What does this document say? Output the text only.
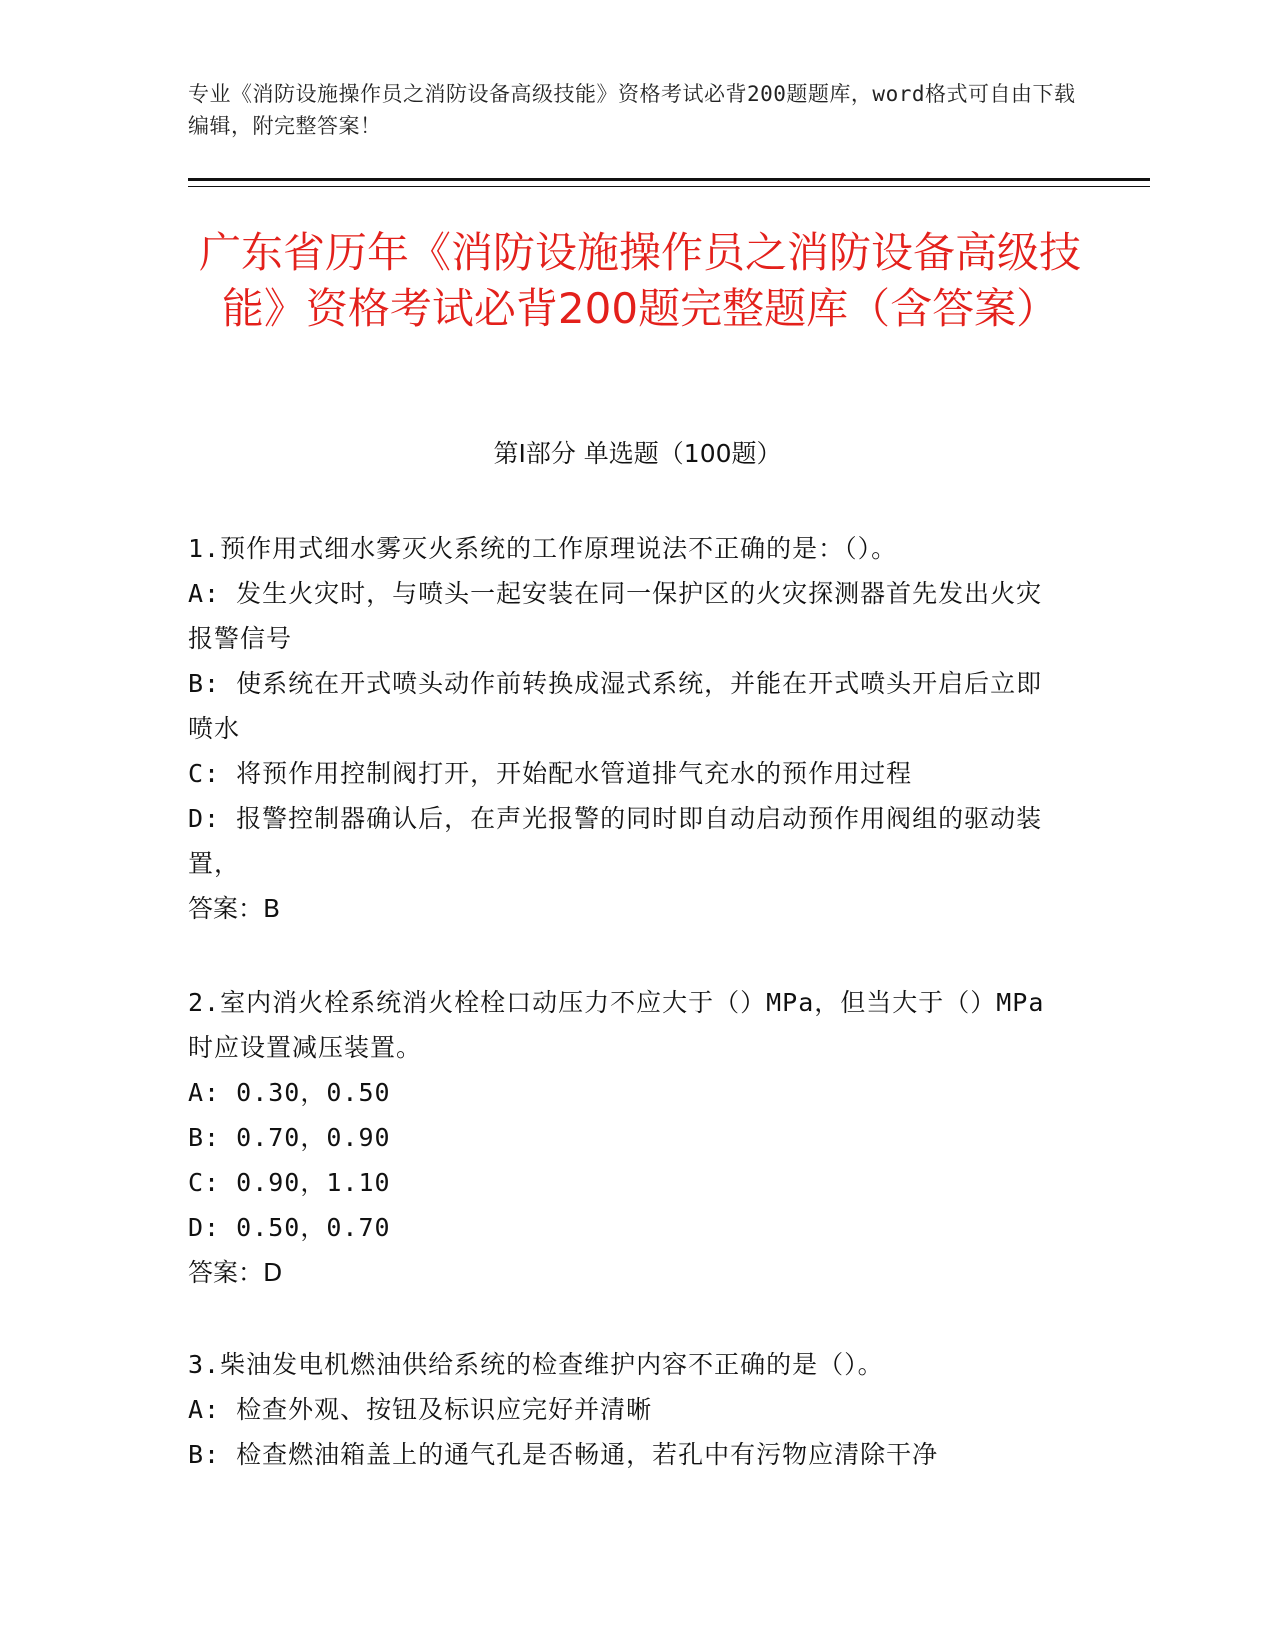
专业《消防设施操作员之消防设备高级技能》资格考试必背200题题库，word格式可自由下载编辑，附完整答案！
广东省历年《消防设施操作员之消防设备高级技能》资格考试必背200题完整题库（含答案）
第Ⅰ部分 单选题（100题）
1.预作用式细水雾灭火系统的工作原理说法不正确的是：（）。
A: 发生火灾时，与喷头一起安装在同一保护区的火灾探测器首先发出火灾报警信号
B: 使系统在开式喷头动作前转换成湿式系统，并能在开式喷头开启后立即喷水
C: 将预作用控制阀打开，开始配水管道排气充水的预作用过程
D: 报警控制器确认后，在声光报警的同时即自动启动预作用阀组的驱动装置，
答案：B
2.室内消火栓系统消火栓栓口动压力不应大于（）MPa，但当大于（）MPa时应设置减压装置。
A: 0.30，0.50
B: 0.70，0.90
C: 0.90，1.10
D: 0.50，0.70
答案：D
3.柴油发电机燃油供给系统的检查维护内容不正确的是（）。
A: 检查外观、按钮及标识应完好并清晰
B: 检查燃油箱盖上的通气孔是否畅通，若孔中有污物应清除干净
